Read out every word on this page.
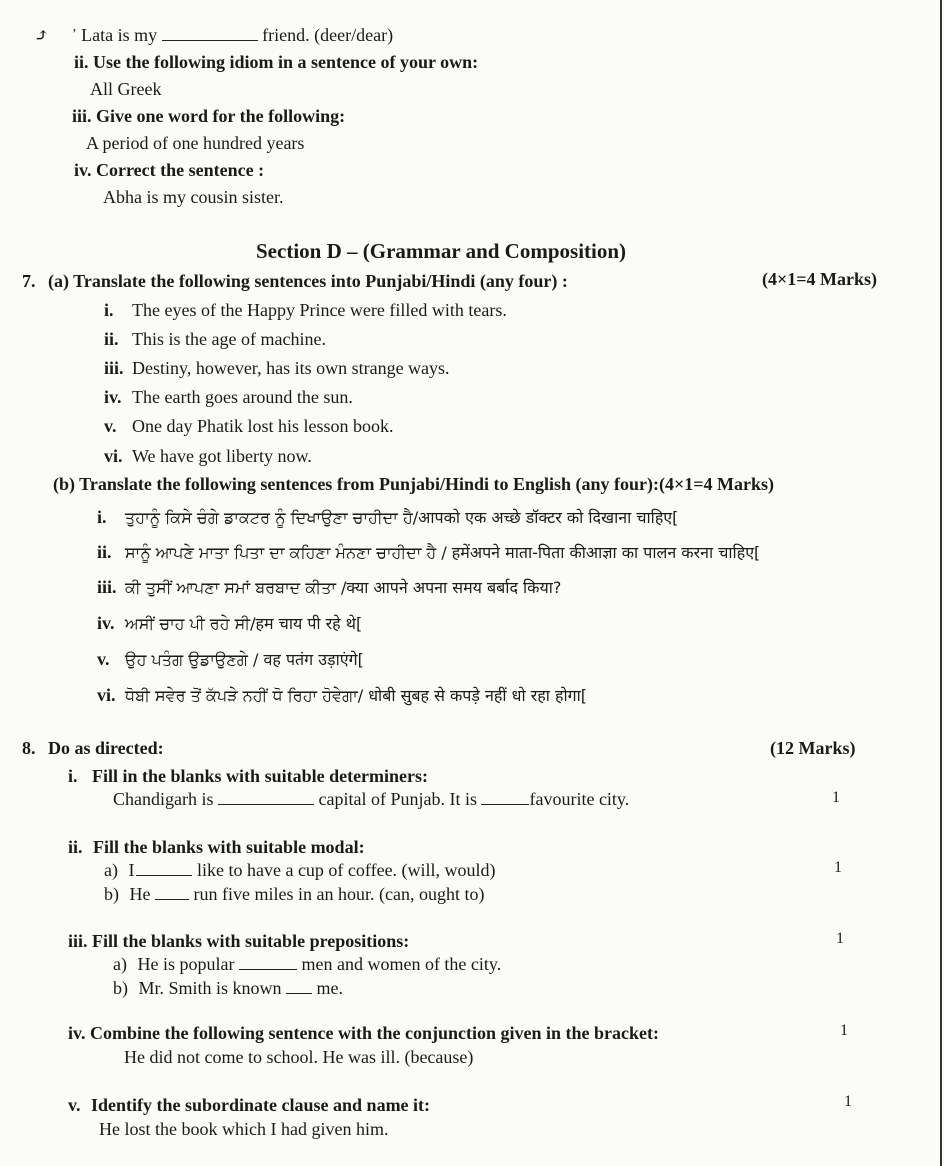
⤴ ’ Lata is my	friend. (deer/dear)
ii. Use the following idiom in a sentence of your own:
All Greek
iii. Give one word for the following:
A period of one hundred years
iv. Correct the sentence :
Abha is my cousin sister.
Section D – (Grammar and Composition)
7. (a) Translate the following sentences into Punjabi/Hindi (any four) :	(4×1=4 Marks)
i. The eyes of the Happy Prince were filled with tears.
ii. This is the age of machine.
iii. Destiny, however, has its own strange ways.
iv. The earth goes around the sun.
v. One day Phatik lost his lesson book.
vi. We have got liberty now.
(b) Translate the following sentences from Punjabi/Hindi to English (any four):(4×1=4 Marks)
i. ਤੁਹਾਨੂੰ ਕਿਸੇ ਚੰਗੇ ਡਾਕਟਰ ਨੂੰ ਦਿਖਾਉਣਾ ਚਾਹੀਦਾ ਹੈ/आपको एक अच्छे डॉक्टर को दिखाना चाहिए[
ii. ਸਾਨੂੰ ਆਪਣੇ ਮਾਤਾ ਪਿਤਾ ਦਾ ਕਹਿਣਾ ਮੰਨਣਾ ਚਾਹੀਦਾ ਹੈ / हमेंअपने माता-पिता कीआज्ञा का पालन करना चाहिए[
iii. ਕੀ ਤੁਸੀਂ ਆਪਣਾ ਸਮਾਂ ਬਰਬਾਦ ਕੀਤਾ /क्या आपने अपना समय बर्बाद किया?
iv. ਅਸੀਂ ਚਾਹ ਪੀ ਰਹੇ ਸੀ/हम चाय पी रहे थे[
v. ਉਹ ਪਤੰਗ ਉਡਾਉਣਗੇ / वह पतंग उड़ाएंगे[
vi. ਧੋਬੀ ਸਵੇਰ ਤੋਂ ਕੱਪੜੇ ਨਹੀਂ ਧੋ ਰਿਹਾ ਹੋਵੇਗਾ/ धोबी सुबह से कपड़े नहीं धो रहा होगा[
8. Do as directed:	(12 Marks)
i. Fill in the blanks with suitable determiners:
Chandigarh is	capital of Punjab. It is	favourite city.	1
ii. Fill the blanks with suitable modal:
a) I	like to have a cup of coffee. (will, would)	1
b) He run five miles in an hour. (can, ought to)
iii. Fill the blanks with suitable prepositions:	1
a) He is popular	men and women of the city.
b) Mr. Smith is known me.
iv. Combine the following sentence with the conjunction given in the bracket:	1
He did not come to school. He was ill. (because)
v. Identify the subordinate clause and name it:	1
He lost the book which I had given him.
